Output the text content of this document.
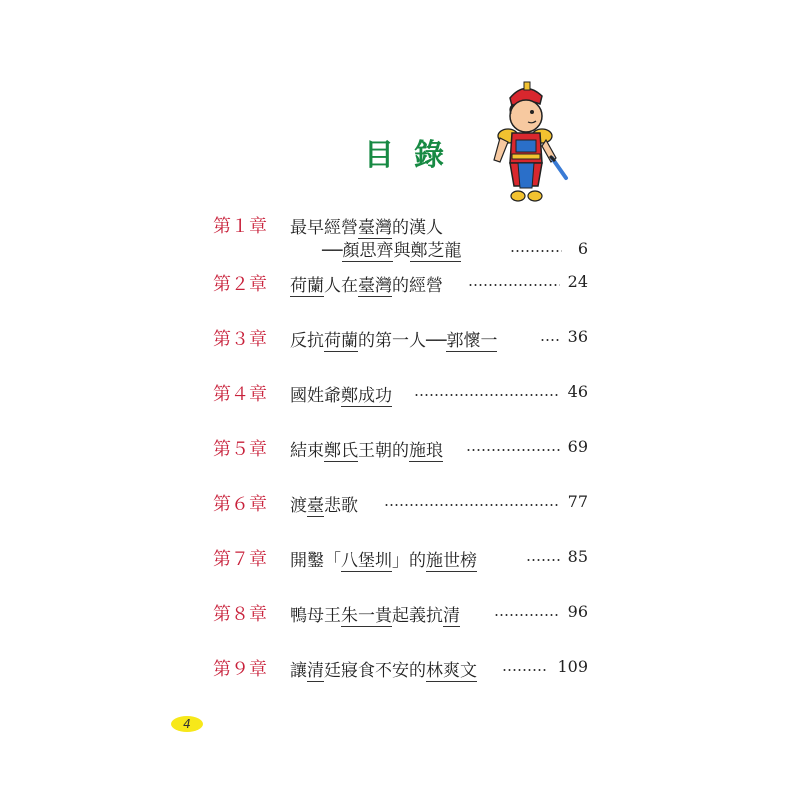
目 錄
第１章 最早經營臺灣的漢人
──顏思齊與鄭芝龍	6
第２章 荷蘭人在臺灣的經營	24
第３章 反抗荷蘭的第一人──郭懷一	36
第４章 國姓爺鄭成功	46
第５章 結束鄭氏王朝的施琅	69
第６章 渡臺悲歌	77
第７章 開鑿「八堡圳」的施世榜	85
第８章 鴨母王朱一貴起義抗清	96
第９章 讓清廷寢食不安的林爽文	109
4
